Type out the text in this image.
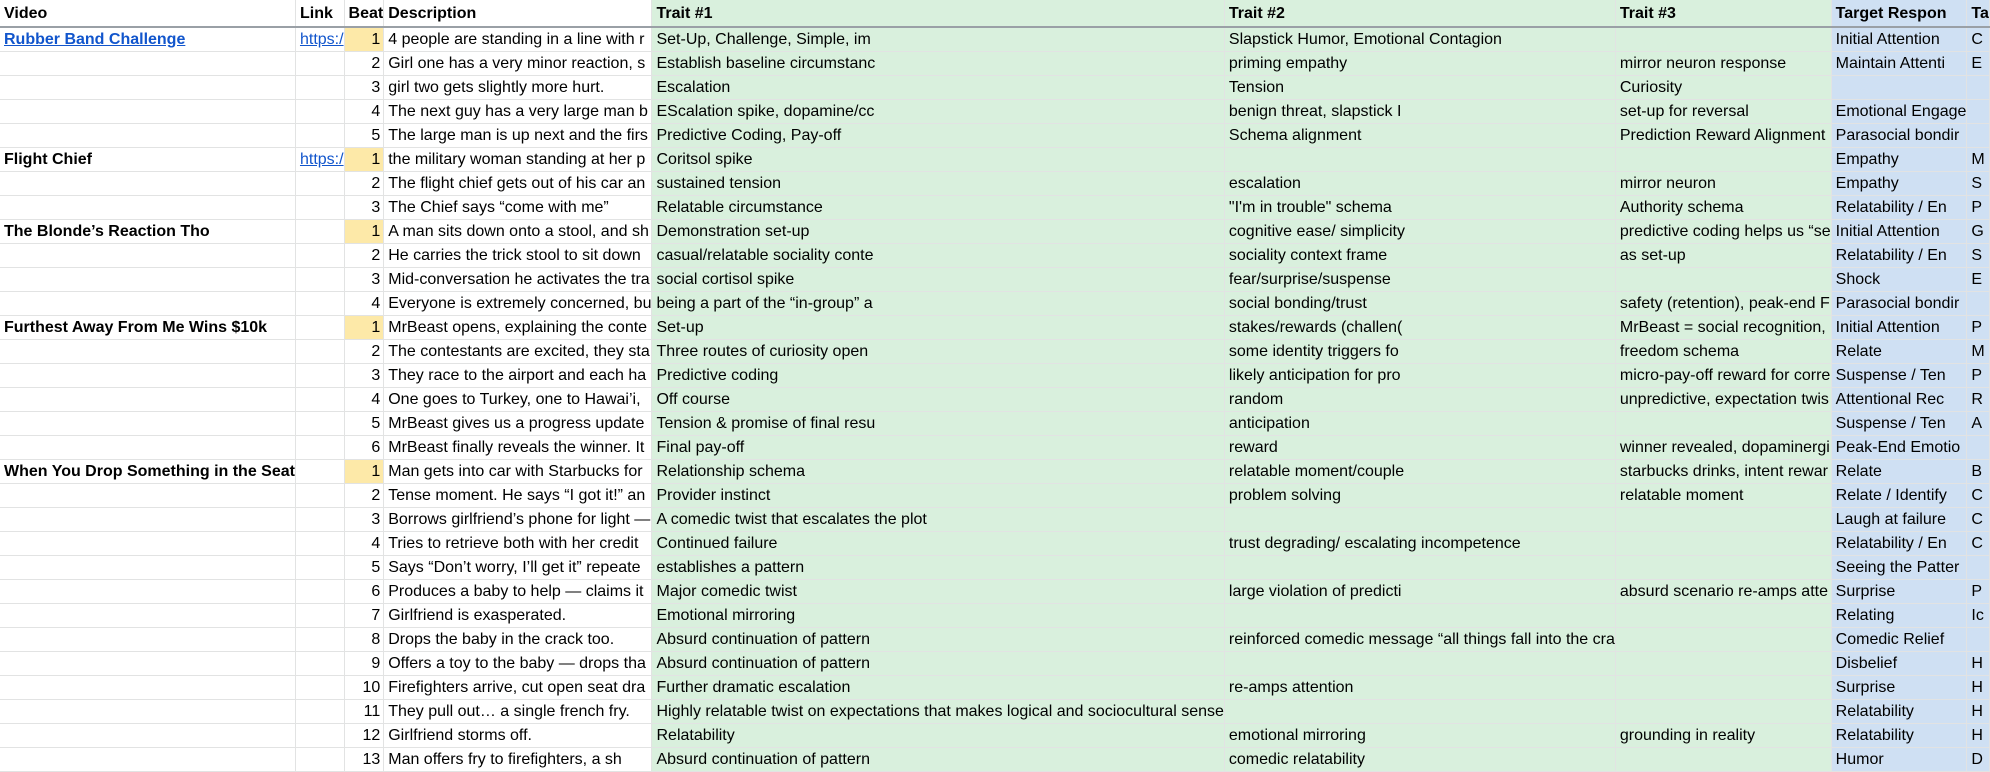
Video	Link	Beat	Description	Trait #1	Trait #2	Trait #3	Target Respon	Ta
Rubber Band Challenge	https:/	1	4 people are standing in a line with r	Set-Up, Challenge, Simple, im	Slapstick Humor, Emotional Contagion		Initial Attention	C
		2	Girl one has a very minor reaction, s	Establish baseline circumstanc	priming empathy	mirror neuron response	Maintain Attenti	E
		3	girl two gets slightly more hurt.	Escalation	Tension	Curiosity		
		4	The next guy has a very large man b	EScalation spike, dopamine/cc	benign threat, slapstick I	set-up for reversal	Emotional Engage	
		5	The large man is up next and the firs	Predictive Coding, Pay-off	Schema alignment	Prediction Reward Alignment	Parasocial bondir	
Flight Chief	https:/	1	the military woman standing at her p	Coritsol spike			Empathy	M
		2	The flight chief gets out of his car an	sustained tension	escalation	mirror neuron	Empathy	S
		3	The Chief says “come with me”	Relatable circumstance	"I'm in trouble" schema	Authority schema	Relatability / En	P
The Blonde’s Reaction Tho		1	A man sits down onto a stool, and sh	Demonstration set-up	cognitive ease/ simplicity	predictive coding helps us “se	Initial Attention	G
		2	He carries the trick stool to sit down	casual/relatable sociality conte	sociality context frame	as set-up	Relatability / En	S
		3	Mid-conversation he activates the tra	social cortisol spike	fear/surprise/suspense		Shock	E
		4	Everyone is extremely concerned, bu	being a part of the “in-group” a	social bonding/trust	safety (retention), peak-end F	Parasocial bondir	
Furthest Away From Me Wins $10k		1	MrBeast opens, explaining the conte	Set-up	stakes/rewards (challen(	MrBeast = social recognition,	Initial Attention	P
		2	The contestants are excited, they sta	Three routes of curiosity open	some identity triggers fo	freedom schema	Relate	M
		3	They race to the airport and each ha	Predictive coding	likely anticipation for pro	micro-pay-off reward for corre	Suspense / Ten	P
		4	One goes to Turkey, one to Hawai’i,	Off course	random	unpredictive, expectation twis	Attentional Rec	R
		5	MrBeast gives us a progress update	Tension & promise of final resu	anticipation		Suspense / Ten	A
		6	MrBeast finally reveals the winner. It	Final pay-off	reward	winner revealed, dopaminergi	Peak-End Emotio	
When You Drop Something in the Seat		1	Man gets into car with Starbucks for	Relationship schema	relatable moment/couple	starbucks drinks, intent rewar	Relate	B
		2	Tense moment. He says “I got it!” an	Provider instinct	problem solving	relatable moment	Relate / Identify	C
		3	Borrows girlfriend’s phone for light —	A comedic twist that escalates the plot			Laugh at failure	C
		4	Tries to retrieve both with her credit	Continued failure	trust degrading/ escalating incompetence		Relatability / En	C
		5	Says “Don’t worry, I’ll get it” repeate	establishes a pattern			Seeing the Patter	
		6	Produces a baby to help — claims it	Major comedic twist	large violation of predicti	absurd scenario re-amps atte	Surprise	P
		7	Girlfriend is exasperated.	Emotional mirroring			Relating	Ic
		8	Drops the baby in the crack too.	Absurd continuation of pattern	reinforced comedic message “all things fall into the cra		Comedic Relief	
		9	Offers a toy to the baby — drops tha	Absurd continuation of pattern			Disbelief	H
		10	Firefighters arrive, cut open seat dra	Further dramatic escalation	re-amps attention		Surprise	H
		11	They pull out… a single french fry.	Highly relatable twist on expectations that makes logical and sociocultural sense			Relatability	H
		12	Girlfriend storms off.	Relatability	emotional mirroring	grounding in reality	Relatability	H
		13	Man offers fry to firefighters, a sh	Absurd continuation of pattern	comedic relatability		Humor	D
